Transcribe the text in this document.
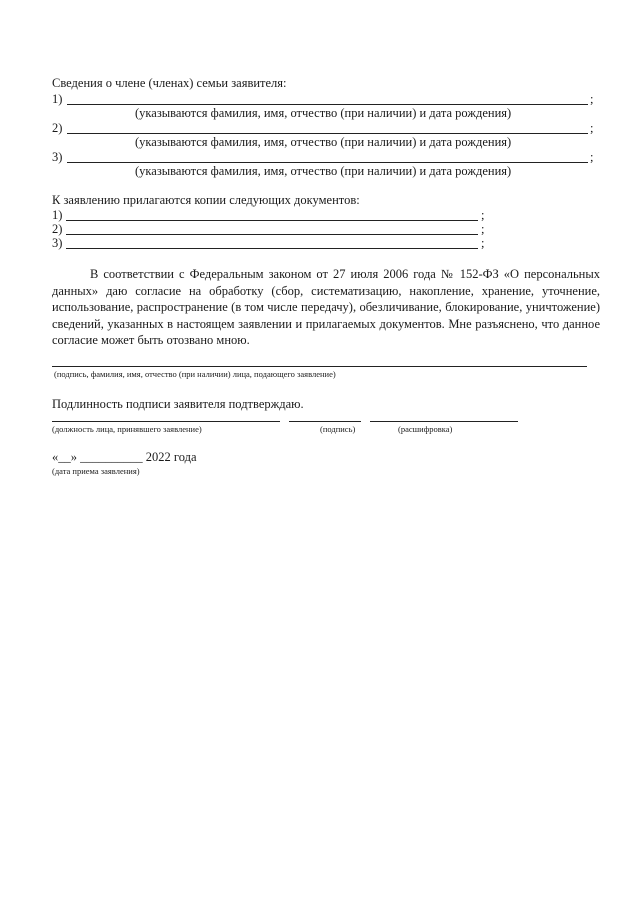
Сведения о члене (членах) семьи заявителя:
1)	;
(указываются фамилия, имя, отчество (при наличии) и дата рождения)
2)	;
(указываются фамилия, имя, отчество (при наличии) и дата рождения)
3)	;
(указываются фамилия, имя, отчество (при наличии) и дата рождения)
К заявлению прилагаются копии следующих документов:
1)	;
2)	;
3)	;
В соответствии с Федеральным законом от 27 июля 2006 года № 152-ФЗ «О персональных данных» даю согласие на обработку (сбор, систематизацию, накопление, хранение, уточнение, использование, распространение (в том числе передачу), обезличивание, блокирование, уничтожение) сведений, указанных в настоящем заявлении и прилагаемых документов. Мне разъяснено, что данное согласие может быть отозвано мною.
(подпись, фамилия, имя, отчество (при наличии) лица, подающего заявление)
Подлинность подписи заявителя подтверждаю.
(должность лица, принявшего заявление)	(подпись)	(расшифровка)
«__» __________ 2022 года
(дата приема заявления)
